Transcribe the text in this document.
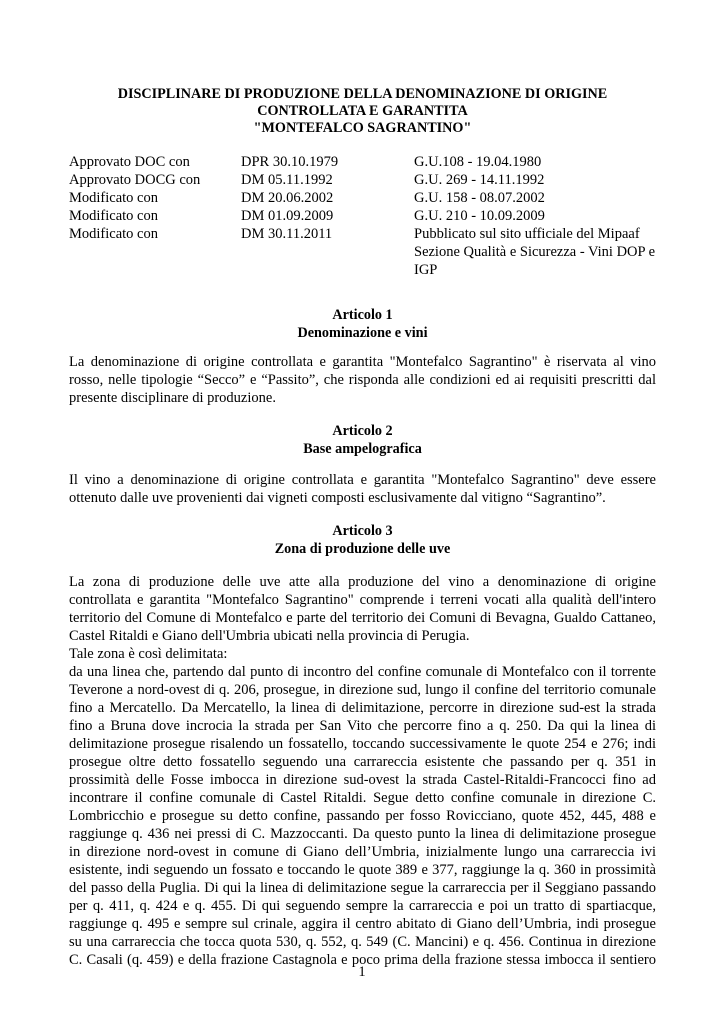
DISCIPLINARE DI PRODUZIONE DELLA DENOMINAZIONE DI ORIGINE
CONTROLLATA E GARANTITA
"MONTEFALCO SAGRANTINO"
Approvato DOC con	DPR 30.10.1979	G.U.108 - 19.04.1980
Approvato DOCG con	DM 05.11.1992	G.U. 269 - 14.11.1992
Modificato con	DM 20.06.2002	G.U. 158 - 08.07.2002
Modificato con	DM 01.09.2009	G.U. 210 - 10.09.2009
Modificato con	DM 30.11.2011	Pubblicato sul sito ufficiale del Mipaaf Sezione Qualità e Sicurezza - Vini DOP e IGP
Articolo 1
Denominazione e vini
La denominazione di origine controllata e garantita "Montefalco Sagrantino" è riservata al vino
rosso, nelle tipologie “Secco” e “Passito”, che risponda alle condizioni ed ai requisiti prescritti dal
presente disciplinare di produzione.
Articolo 2
Base ampelografica
Il vino a denominazione di origine controllata e garantita "Montefalco Sagrantino" deve essere
ottenuto dalle uve provenienti dai vigneti composti esclusivamente dal vitigno “Sagrantino”.
Articolo 3
Zona di produzione delle uve
La zona di produzione delle uve atte alla produzione del vino a denominazione di origine
controllata e garantita "Montefalco Sagrantino" comprende i terreni vocati alla qualità dell'intero
territorio del Comune di Montefalco e parte del territorio dei Comuni di Bevagna, Gualdo Cattaneo,
Castel Ritaldi e Giano dell'Umbria ubicati nella provincia di Perugia.
Tale zona è così delimitata:
da una linea che, partendo dal punto di incontro del confine comunale di Montefalco con il torrente
Teverone a nord-ovest di q. 206, prosegue, in direzione sud, lungo il confine del territorio comunale
fino a Mercatello. Da Mercatello, la linea di delimitazione, percorre in direzione sud-est la strada
fino a Bruna dove incrocia la strada per San Vito che percorre fino a q. 250. Da qui la linea di
delimitazione prosegue risalendo un fossatello, toccando successivamente le quote 254 e 276; indi
prosegue oltre detto fossatello seguendo una carrareccia esistente che passando per q. 351 in
prossimità delle Fosse imbocca in direzione sud-ovest la strada Castel-Ritaldi-Francocci fino ad
incontrare il confine comunale di Castel Ritaldi. Segue detto confine comunale in direzione C.
Lombricchio e prosegue su detto confine, passando per fosso Rovicciano, quote 452, 445, 488 e
raggiunge q. 436 nei pressi di C. Mazzoccanti. Da questo punto la linea di delimitazione prosegue
in direzione nord-ovest in comune di Giano dell’Umbria, inizialmente lungo una carrareccia ivi
esistente, indi seguendo un fossato e toccando le quote 389 e 377, raggiunge la q. 360 in prossimità
del passo della Puglia. Di qui la linea di delimitazione segue la carrareccia per il Seggiano passando
per q. 411, q. 424 e q. 455. Di qui seguendo sempre la carrareccia e poi un tratto di spartiacque,
raggiunge q. 495 e sempre sul crinale, aggira il centro abitato di Giano dell’Umbria, indi prosegue
su una carrareccia che tocca quota 530, q. 552, q. 549 (C. Mancini) e q. 456. Continua in direzione
C. Casali (q. 459) e della frazione Castagnola e poco prima della frazione stessa imbocca il sentiero
1
